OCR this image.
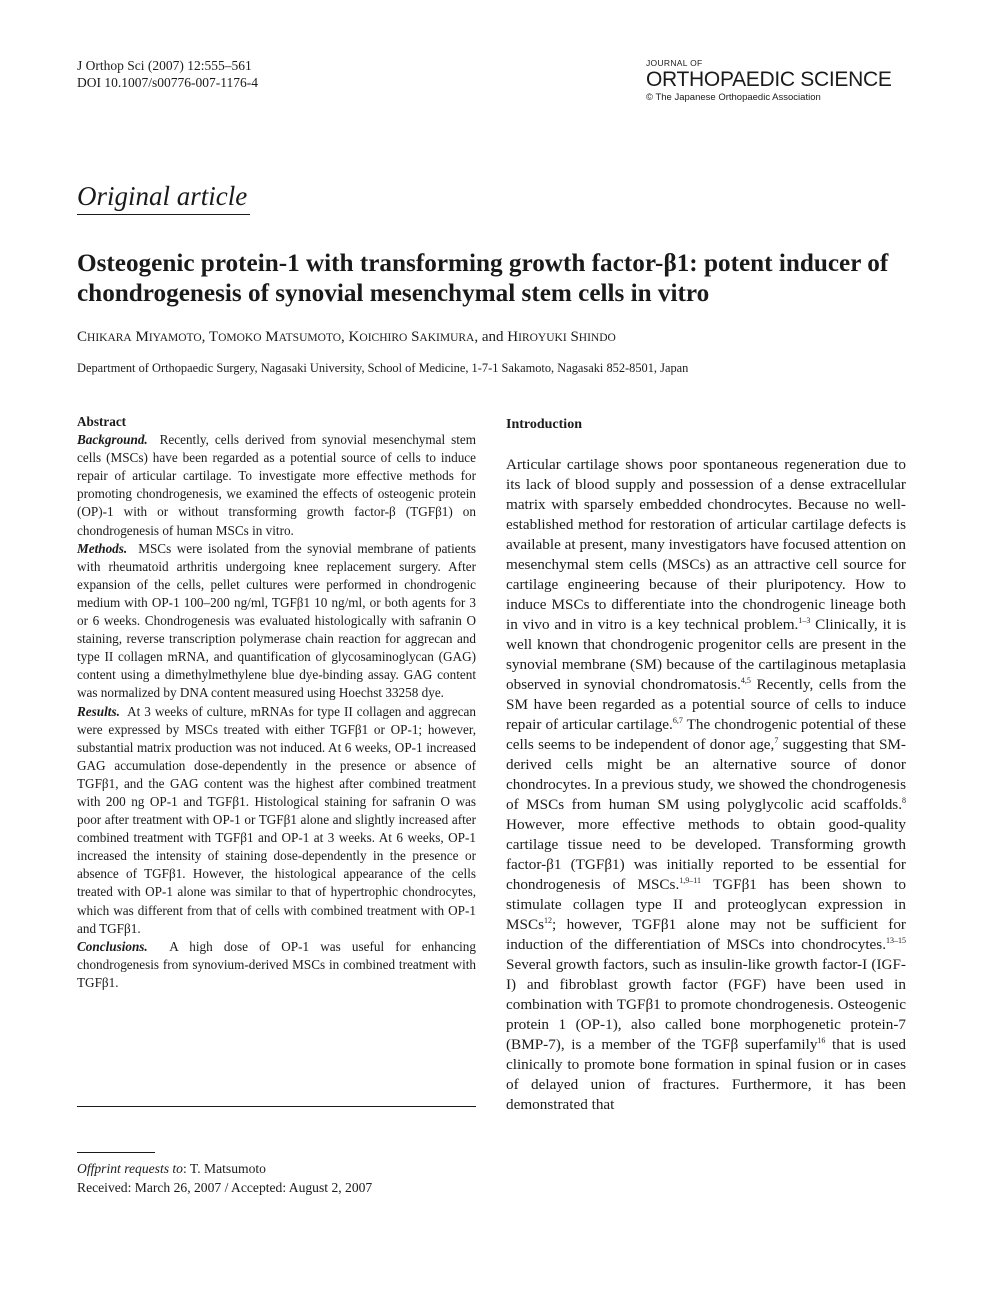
J Orthop Sci (2007) 12:555–561
DOI 10.1007/s00776-007-1176-4
JOURNAL OF
ORTHOPAEDIC SCIENCE
© The Japanese Orthopaedic Association
Original article
Osteogenic protein-1 with transforming growth factor-β1: potent inducer of chondrogenesis of synovial mesenchymal stem cells in vitro
CHIKARA MIYAMOTO, TOMOKO MATSUMOTO, KOICHIRO SAKIMURA, and HIROYUKI SHINDO
Department of Orthopaedic Surgery, Nagasaki University, School of Medicine, 1-7-1 Sakamoto, Nagasaki 852-8501, Japan
Abstract

Background. Recently, cells derived from synovial mesenchymal stem cells (MSCs) have been regarded as a potential source of cells to induce repair of articular cartilage. To investigate more effective methods for promoting chondrogenesis, we examined the effects of osteogenic protein (OP)-1 with or without transforming growth factor-β (TGFβ1) on chondrogenesis of human MSCs in vitro.

Methods. MSCs were isolated from the synovial membrane of patients with rheumatoid arthritis undergoing knee replacement surgery. After expansion of the cells, pellet cultures were performed in chondrogenic medium with OP-1 100–200 ng/ml, TGFβ1 10 ng/ml, or both agents for 3 or 6 weeks. Chondrogenesis was evaluated histologically with safranin O staining, reverse transcription polymerase chain reaction for aggrecan and type II collagen mRNA, and quantification of glycosaminoglycan (GAG) content using a dimethylmethylene blue dye-binding assay. GAG content was normalized by DNA content measured using Hoechst 33258 dye.

Results. At 3 weeks of culture, mRNAs for type II collagen and aggrecan were expressed by MSCs treated with either TGFβ1 or OP-1; however, substantial matrix production was not induced. At 6 weeks, OP-1 increased GAG accumulation dose-dependently in the presence or absence of TGFβ1, and the GAG content was the highest after combined treatment with 200 ng OP-1 and TGFβ1. Histological staining for safranin O was poor after treatment with OP-1 or TGFβ1 alone and slightly increased after combined treatment with TGFβ1 and OP-1 at 3 weeks. At 6 weeks, OP-1 increased the intensity of staining dose-dependently in the presence or absence of TGFβ1. However, the histological appearance of the cells treated with OP-1 alone was similar to that of hypertrophic chondrocytes, which was different from that of cells with combined treatment with OP-1 and TGFβ1.

Conclusions. A high dose of OP-1 was useful for enhancing chondrogenesis from synovium-derived MSCs in combined treatment with TGFβ1.

Offprint requests to: T. Matsumoto
Received: March 26, 2007 / Accepted: August 2, 2007
Introduction

Articular cartilage shows poor spontaneous regeneration due to its lack of blood supply and possession of a dense extracellular matrix with sparsely embedded chondrocytes. Because no well-established method for restoration of articular cartilage defects is available at present, many investigators have focused attention on mesenchymal stem cells (MSCs) as an attractive cell source for cartilage engineering because of their pluripotency. How to induce MSCs to differentiate into the chondrogenic lineage both in vivo and in vitro is a key technical problem.$^{1-3}$ Clinically, it is well known that chondrogenic progenitor cells are present in the synovial membrane (SM) because of the cartilaginous metaplasia observed in synovial chondromatosis.$^{4,5}$ Recently, cells from the SM have been regarded as a potential source of cells to induce repair of articular cartilage.$^{6,7}$ The chondrogenic potential of these cells seems to be independent of donor age,$^7$ suggesting that SM-derived cells might be an alternative source of donor chondrocytes. In a previous study, we showed the chondrogenesis of MSCs from human SM using polyglycolic acid scaffolds.$^8$ However, more effective methods to obtain good-quality cartilage tissue need to be developed. Transforming growth factor-β1 (TGFβ1) was initially reported to be essential for chondrogenesis of MSCs.$^{1,9-11}$ TGFβ1 has been shown to stimulate collagen type II and proteoglycan expression in MSCs$^{12}$; however, TGFβ1 alone may not be sufficient for induction of the differentiation of MSCs into chondrocytes.$^{13-15}$ Several growth factors, such as insulin-like growth factor-I (IGF-I) and fibroblast growth factor (FGF) have been used in combination with TGFβ1 to promote chondrogenesis. Osteogenic protein 1 (OP-1), also called bone morphogenetic protein-7 (BMP-7), is a member of the TGFβ superfamily$^{16}$ that is used clinically to promote bone formation in spinal fusion or in cases of delayed union of fractures. Furthermore, it has been demonstrated that
